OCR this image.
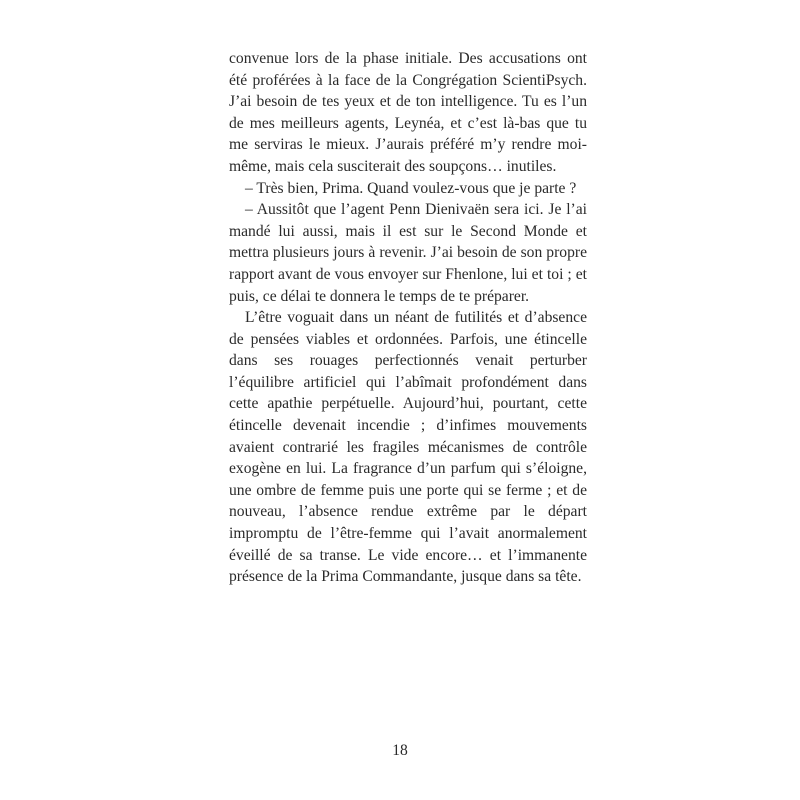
convenue lors de la phase initiale. Des accusations ont été proférées à la face de la Congrégation ScientiPsych. J’ai besoin de tes yeux et de ton intelligence. Tu es l’un de mes meilleurs agents, Leynéa, et c’est là-bas que tu me serviras le mieux. J’aurais préféré m’y rendre moi-même, mais cela susciterait des soupçons… inutiles.

– Très bien, Prima. Quand voulez-vous que je parte ?

– Aussitôt que l’agent Penn Dienivaën sera ici. Je l’ai mandé lui aussi, mais il est sur le Second Monde et mettra plusieurs jours à revenir. J’ai besoin de son propre rapport avant de vous envoyer sur Fhenlone, lui et toi ; et puis, ce délai te donnera le temps de te préparer.

L’être voguait dans un néant de futilités et d’absence de pensées viables et ordonnées. Parfois, une étincelle dans ses rouages perfectionnés venait perturber l’équilibre artificiel qui l’abîmait profondément dans cette apathie perpétuelle. Aujourd’hui, pourtant, cette étincelle devenait incendie ; d’infimes mouvements avaient contrarié les fragiles mécanismes de contrôle exogène en lui. La fragrance d’un parfum qui s’éloigne, une ombre de femme puis une porte qui se ferme ; et de nouveau, l’absence rendue extrême par le départ impromptu de l’être-femme qui l’avait anormalement éveillé de sa transe. Le vide encore… et l’immanente présence de la Prima Commandante, jusque dans sa tête.

18
